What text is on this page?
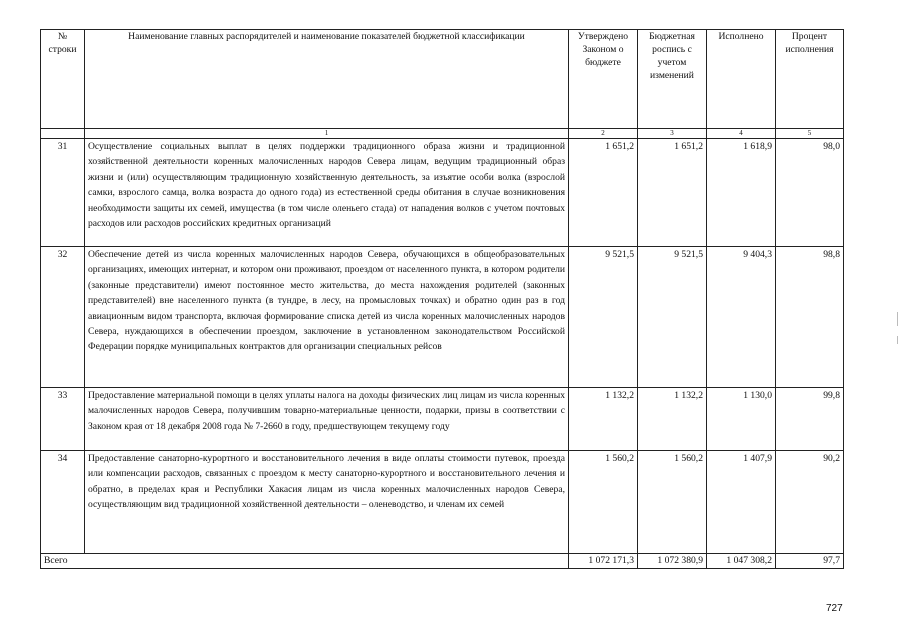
№ строки	Наименование главных распорядителей и наименование показателей бюджетной классификации	Утверждено Законом о бюджете	Бюджетная роспись с учетом изменений	Исполнено	Процент исполнения
	1	2	3	4	5
31	Осуществление социальных выплат в целях поддержки традиционного образа жизни и традиционной хозяйственной деятельности коренных малочисленных народов Севера лицам, ведущим традиционный образ жизни и (или) осуществляющим традиционную хозяйственную деятельность, за изъятие особи волка (взрослой самки, взрослого самца, волка возраста до одного года) из естественной среды обитания в случае возникновения необходимости защиты их семей, имущества (в том числе оленьего стада) от нападения волков с учетом почтовых расходов или расходов российских кредитных организаций	1 651,2	1 651,2	1 618,9	98,0
32	Обеспечение детей из числа коренных малочисленных народов Севера, обучающихся в общеобразовательных организациях, имеющих интернат, и котором они проживают, проездом от населенного пункта, в котором родители (законные представители) имеют постоянное место жительства, до места нахождения родителей (законных представителей) вне населенного пункта (в тундре, в лесу, на промысловых точках) и обратно один раз в год авиационным видом транспорта, включая формирование списка детей из числа коренных малочисленных народов Севера, нуждающихся в обеспечении проездом, заключение в установленном законодательством Российской Федерации порядке муниципальных контрактов для организации специальных рейсов	9 521,5	9 521,5	9 404,3	98,8
33	Предоставление материальной помощи в целях уплаты налога на доходы физических лиц лицам из числа коренных малочисленных народов Севера, получившим товарно-материальные ценности, подарки, призы в соответствии с Законом края от 18 декабря 2008 года № 7-2660 в году, предшествующем текущему году	1 132,2	1 132,2	1 130,0	99,8
34	Предоставление санаторно-курортного и восстановительного лечения в виде оплаты стоимости путевок, проезда или компенсации расходов, связанных с проездом к месту санаторно-курортного и восстановительного лечения и обратно, в пределах края и Республики Хакасия лицам из числа коренных малочисленных народов Севера, осуществляющим вид традиционной хозяйственной деятельности – оленеводство, и членам их семей	1 560,2	1 560,2	1 407,9	90,2
Всего		1 072 171,3	1 072 380,9	1 047 308,2	97,7
727
